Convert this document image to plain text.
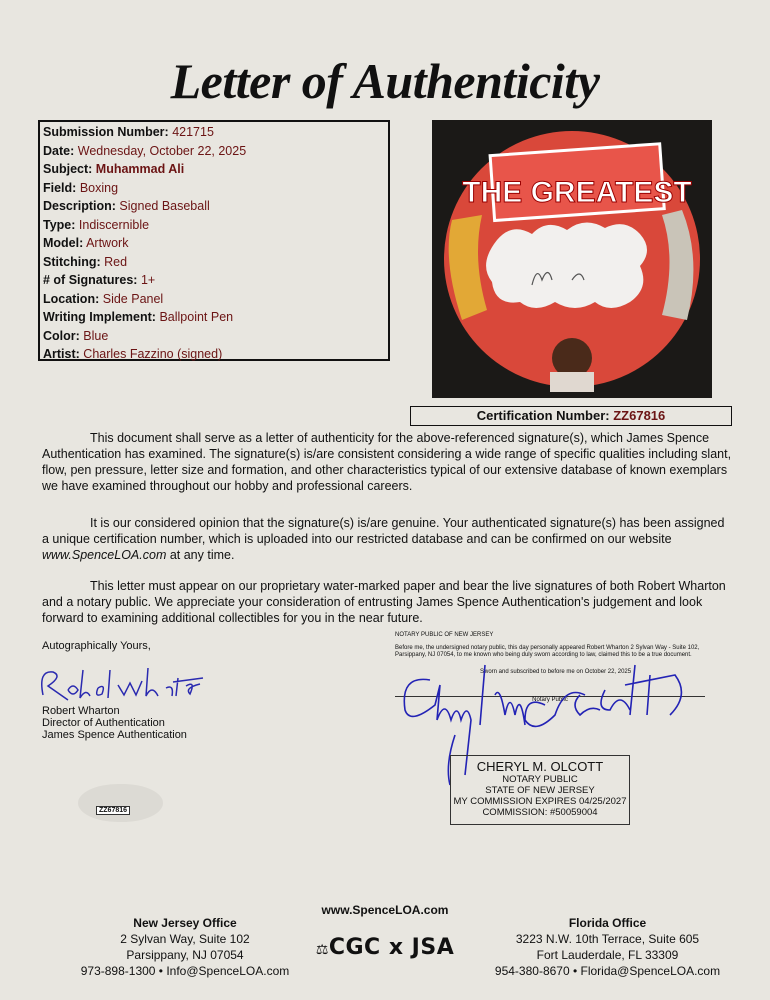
Letter of Authenticity
Submission Number: 421715
Date: Wednesday, October 22, 2025
Subject: Muhammad Ali
Field: Boxing
Description: Signed Baseball
Type: Indiscernible
Model: Artwork
Stitching: Red
# of Signatures: 1+
Location: Side Panel
Writing Implement: Ballpoint Pen
Color: Blue
Artist: Charles Fazzino (signed)
THE GREATEST
Certification Number: ZZ67816
This document shall serve as a letter of authenticity for the above-referenced signature(s), which James Spence Authentication has examined. The signature(s) is/are consistent considering a wide range of specific qualities including slant, flow, pen pressure, letter size and formation, and other characteristics typical of our extensive database of known exemplars we have examined throughout our hobby and professional careers.
It is our considered opinion that the signature(s) is/are genuine. Your authenticated signature(s) has been assigned a unique certification number, which is uploaded into our restricted database and can be confirmed on our website www.SpenceLOA.com at any time.
This letter must appear on our proprietary water-marked paper and bear the live signatures of both Robert Wharton and a notary public. We appreciate your consideration of entrusting James Spence Authentication's judgement and look forward to examining additional collectibles for you in the near future.
Autographically Yours,
Robert Wharton
Director of Authentication
James Spence Authentication
ZZ67816
NOTARY PUBLIC OF NEW JERSEY
Before me, the undersigned notary public, this day personally appeared Robert Wharton 2 Sylvan Way - Suite 102, Parsippany, NJ 07054, to me known who being duly sworn according to law, claimed this to be a true document.
Sworn and subscribed to before me on October 22, 2025
Notary Public
CHERYL M. OLCOTT
NOTARY PUBLIC
STATE OF NEW JERSEY
MY COMMISSION EXPIRES 04/25/2027
COMMISSION: #50059004
New Jersey Office
2 Sylvan Way, Suite 102
Parsippany, NJ 07054
973-898-1300 • Info@SpenceLOA.com
www.SpenceLOA.com
⚖CGC x JSA
Florida Office
3223 N.W. 10th Terrace, Suite 605
Fort Lauderdale, FL 33309
954-380-8670 • Florida@SpenceLOA.com
